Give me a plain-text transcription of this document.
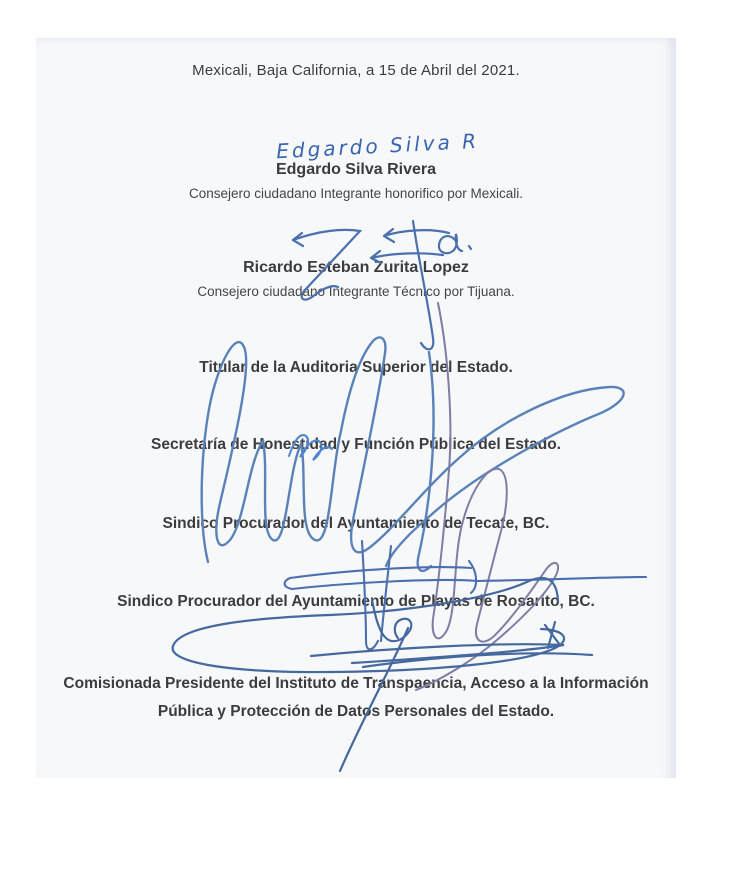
Mexicali, Baja California, a 15 de Abril del 2021.
Edgardo Silva Rivera
Consejero ciudadano Integrante honorifico por Mexicali.
Ricardo Esteban Zurita Lopez
Consejero ciudadano Integrante Técnico por Tijuana.
Titular de la Auditoria Superior del Estado.
Secretaría de Honestidad y Función Pública del Estado.
Sindico Procurador del Ayuntamiento de Tecate, BC.
Sindico Procurador del Ayuntamiento de Playas de Rosarito, BC.
Comisionada Presidente del Instituto de Transpaencia, Acceso a la Información
Pública y Protección de Datos Personales del Estado.
Edgardo Silva R
